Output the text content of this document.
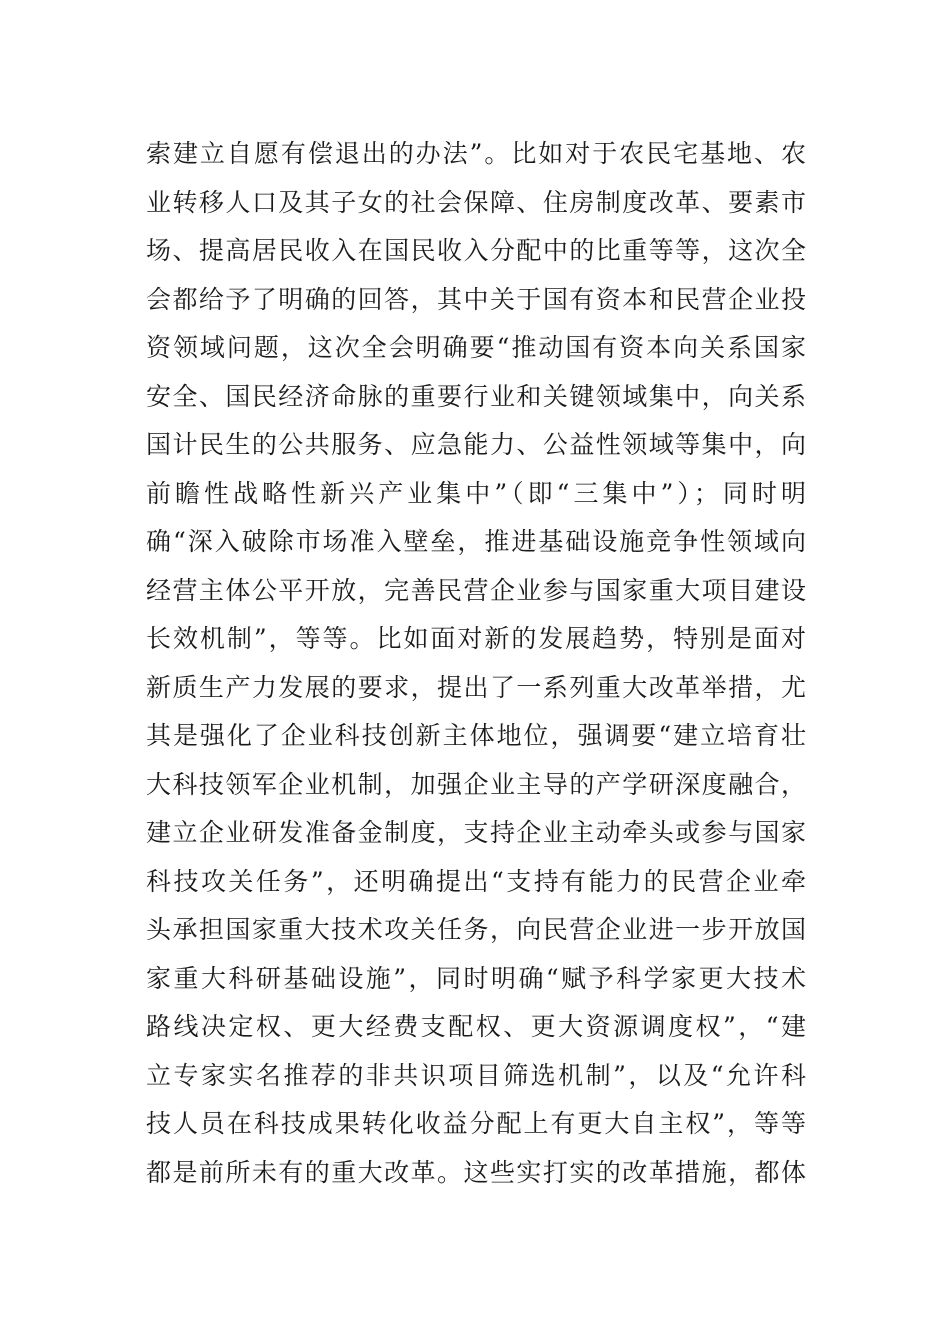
索建立自愿有偿退出的办法”。比如对于农民宅基地、农
业转移人口及其子女的社会保障、住房制度改革、要素市
场、提高居民收入在国民收入分配中的比重等等，这次全
会都给予了明确的回答，其中关于国有资本和民营企业投
资领域问题，这次全会明确要“推动国有资本向关系国家
安全、国民经济命脉的重要行业和关键领域集中，向关系
国计民生的公共服务、应急能力、公益性领域等集中，向
前瞻性战略性新兴产业集中”（即“三集中”）；同时明
确“深入破除市场准入壁垒，推进基础设施竞争性领域向
经营主体公平开放，完善民营企业参与国家重大项目建设
长效机制”，等等。比如面对新的发展趋势，特别是面对
新质生产力发展的要求，提出了一系列重大改革举措，尤
其是强化了企业科技创新主体地位，强调要“建立培育壮
大科技领军企业机制，加强企业主导的产学研深度融合，
建立企业研发准备金制度，支持企业主动牵头或参与国家
科技攻关任务”，还明确提出“支持有能力的民营企业牵
头承担国家重大技术攻关任务，向民营企业进一步开放国
家重大科研基础设施”，同时明确“赋予科学家更大技术
路线决定权、更大经费支配权、更大资源调度权”，“建
立专家实名推荐的非共识项目筛选机制”，以及“允许科
技人员在科技成果转化收益分配上有更大自主权”，等等
都是前所未有的重大改革。这些实打实的改革措施，都体
